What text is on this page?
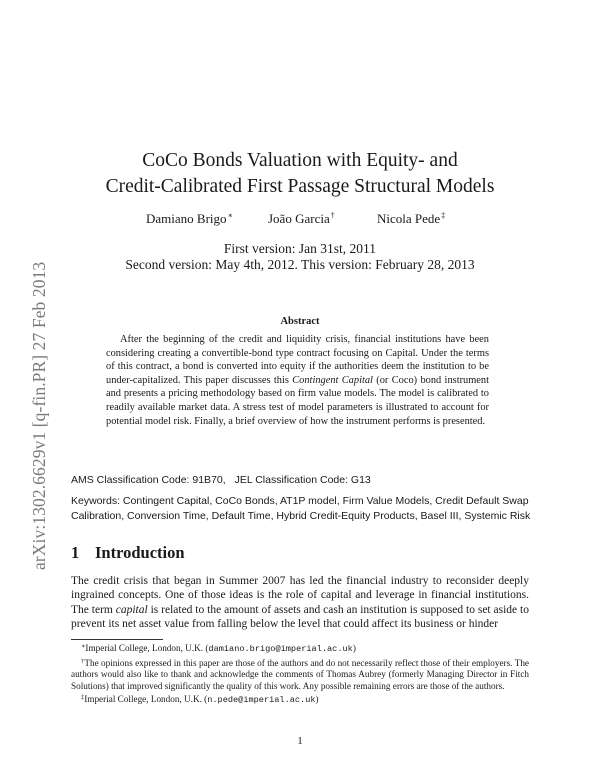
arXiv:1302.6629v1 [q-fin.PR] 27 Feb 2013
CoCo Bonds Valuation with Equity- and
Credit-Calibrated First Passage Structural Models
Damiano Brigo∗	João Garcia†	Nicola Pede‡
First version: Jan 31st, 2011
Second version: May 4th, 2012. This version: February 28, 2013
Abstract

After the beginning of the credit and liquidity crisis, financial institutions have been considering creating a convertible-bond type contract focusing on Capital. Under the terms of this contract, a bond is converted into equity if the authorities deem the institution to be under-capitalized. This paper discusses this Contingent Capital (or Coco) bond instrument and presents a pricing methodology based on firm value models. The model is calibrated to readily available market data. A stress test of model parameters is illustrated to account for potential model risk. Finally, a brief overview of how the instrument performs is presented.

AMS Classification Code: 91B70, JEL Classification Code: G13
Keywords: Contingent Capital, CoCo Bonds, AT1P model, Firm Value Models, Credit Default Swap Calibration, Conversion Time, Default Time, Hybrid Credit-Equity Products, Basel III, Systemic Risk
1 Introduction

The credit crisis that began in Summer 2007 has led the financial industry to reconsider deeply ingrained concepts. One of those ideas is the role of capital and leverage in financial institutions. The term capital is related to the amount of assets and cash an institution is supposed to set aside to prevent its net asset value from falling below the level that could affect its business or hinder

∗Imperial College, London, U.K. (damiano.brigo@imperial.ac.uk)

†The opinions expressed in this paper are those of the authors and do not necessarily reflect those of their employers. The authors would also like to thank and acknowledge the comments of Thomas Aubrey (formerly Managing Director in Fitch Solutions) that improved significantly the quality of this work. Any possible remaining errors are those of the authors.

‡Imperial College, London, U.K. (n.pede@imperial.ac.uk)

1
